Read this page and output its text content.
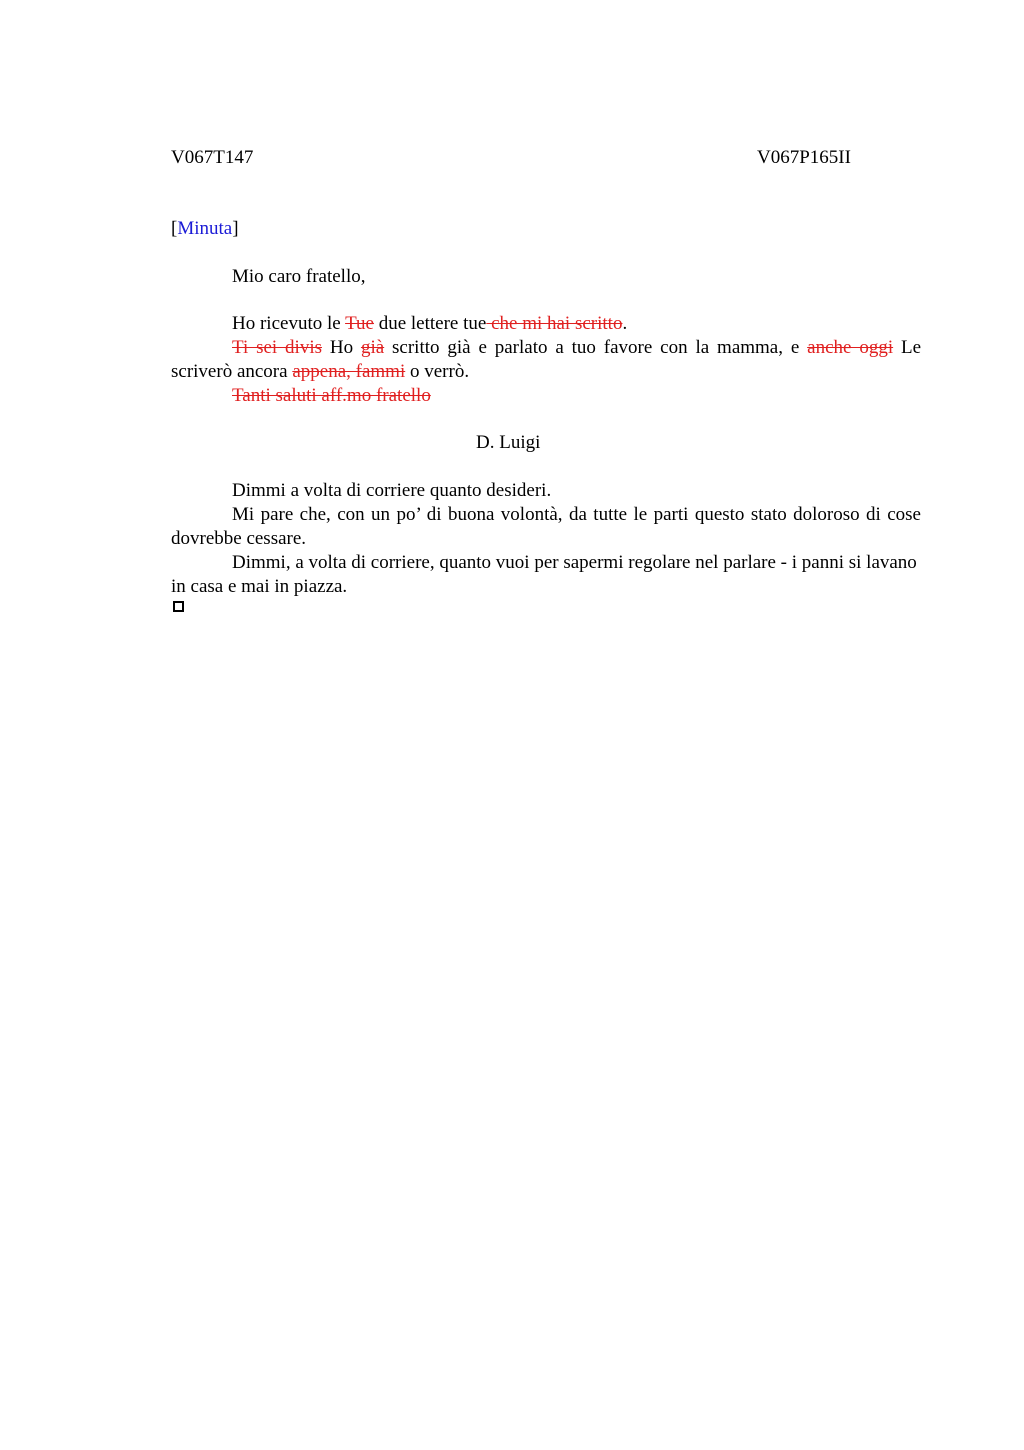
V067T147	V067P165II
[Minuta]
Mio caro fratello,

Ho ricevuto le Tue due lettere tue che mi hai scritto.

Ti sei divis Ho già scritto già e parlato a tuo favore con la mamma, e anche oggi Le scriverò ancora appena, fammi o verrò.

Tanti saluti aff.mo fratello

D. Luigi

Dimmi a volta di corriere quanto desideri.

Mi pare che, con un po’ di buona volontà, da tutte le parti questo stato doloroso di cose dovrebbe cessare.

Dimmi, a volta di corriere, quanto vuoi per sapermi regolare nel parlare - i panni si lavano in casa e mai in piazza.
